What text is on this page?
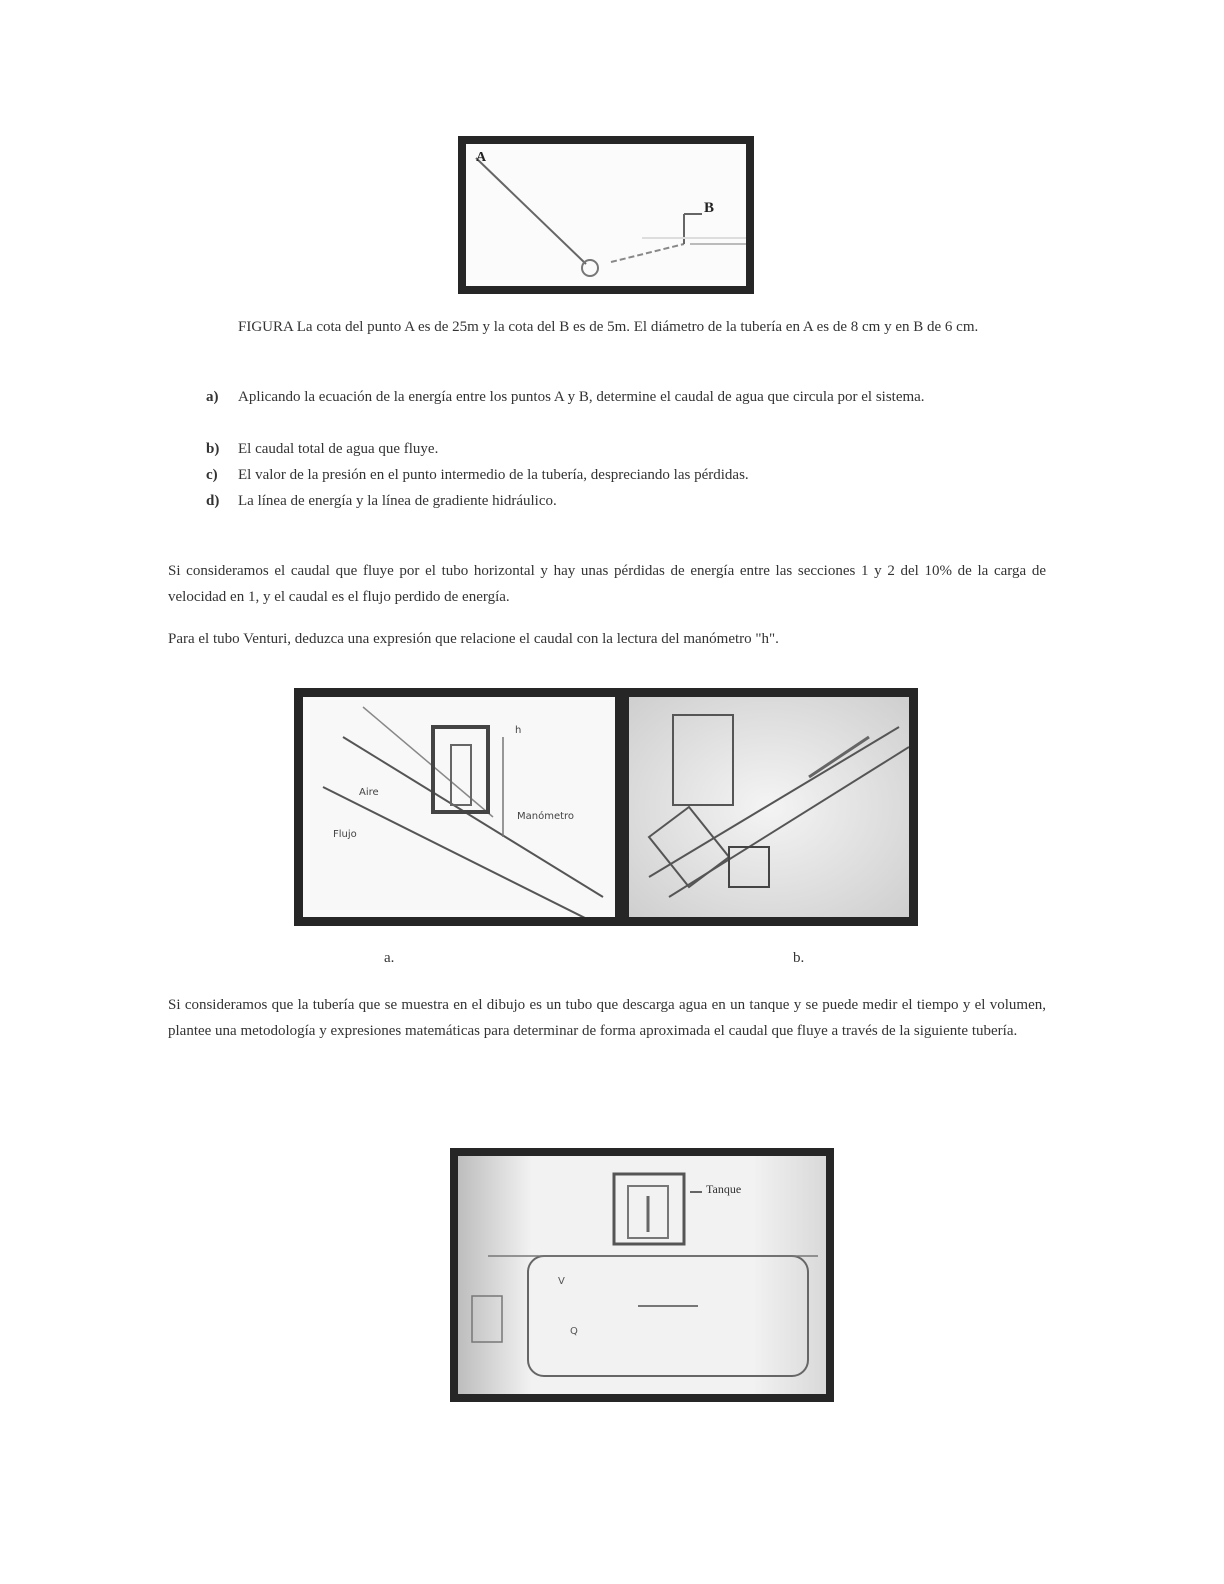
A
B
FIGURA La cota del punto A es de 25m y la cota del B es de 5m. El diámetro de la tubería en A es de 8 cm y en B de 6 cm.
a) Aplicando la ecuación de la energía entre los puntos A y B, determine el caudal de agua que circula por el sistema.
b) El caudal total de agua que fluye.
c) El valor de la presión en el punto intermedio de la tubería, despreciando las pérdidas.
d) La línea de energía y la línea de gradiente hidráulico.
Si consideramos el caudal que fluye por el tubo horizontal y hay unas pérdidas de energía entre las secciones 1 y 2 del 10% de la carga de velocidad en 1, y el caudal es el flujo perdido de energía.
Para el tubo Venturi, deduzca una expresión que relacione el caudal con la lectura del manómetro "h".
Aire
Flujo
Manómetro
h
a.	b.
Si consideramos que la tubería que se muestra en el dibujo es un tubo que descarga agua en un tanque y se puede medir el tiempo y el volumen, plantee una metodología y expresiones matemáticas para determinar de forma aproximada el caudal que fluye a través de la siguiente tubería.
V
Q
Tanque
